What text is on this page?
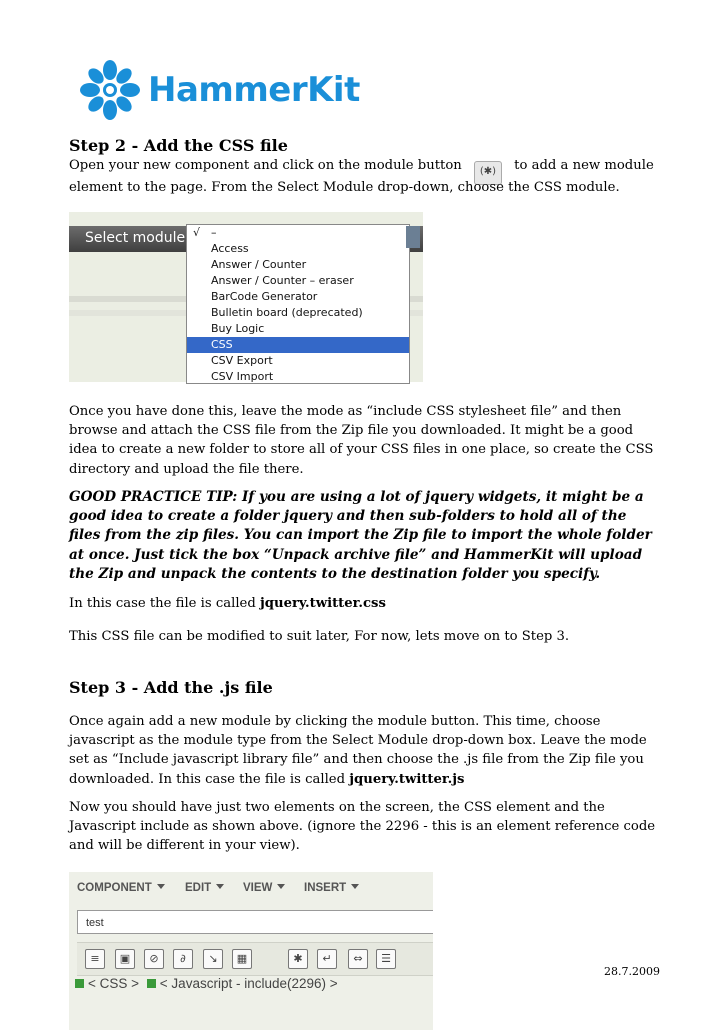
HammerKit
Step 2 - Add the CSS file
Open your new component and click on the module button (✱) to add a new module
element to the page. From the Select Module drop-down, choose the CSS module.
Select module √ –
Access
Answer / Counter
Answer / Counter – eraser
BarCode Generator
Bulletin board (deprecated)
Buy Logic
CSS
CSV Export
CSV Import
Once you have done this, leave the mode as “include CSS stylesheet file” and then browse and attach the CSS file from the Zip file you downloaded. It might be a good idea to create a new folder to store all of your CSS files in one place, so create the CSS directory and upload the file there.
GOOD PRACTICE TIP: If you are using a lot of jquery widgets, it might be a good idea to create a folder jquery and then sub-folders to hold all of the files from the zip files. You can import the Zip file to import the whole folder at once. Just tick the box “Unpack archive file” and HammerKit will upload the Zip and unpack the contents to the destination folder you specify.
In this case the file is called jquery.twitter.css
This CSS file can be modified to suit later, For now, lets move on to Step 3.
Step 3 - Add the .js file
Once again add a new module by clicking the module button. This time, choose javascript as the module type from the Select Module drop-down box. Leave the mode set as “Include javascript library file” and then choose the .js file from the Zip file you downloaded. In this case the file is called jquery.twitter.js
Now you should have just two elements on the screen, the CSS element and the Javascript include as shown above. (ignore the 2296 - this is an element reference code and will be different in your view).
COMPONENT	EDIT	VIEW	INSERT
test
≡	▣	⊘	∂	↘	▦	✱	↵	⇔	☰
< CSS > < Javascript - include(2296) >
28.7.2009
